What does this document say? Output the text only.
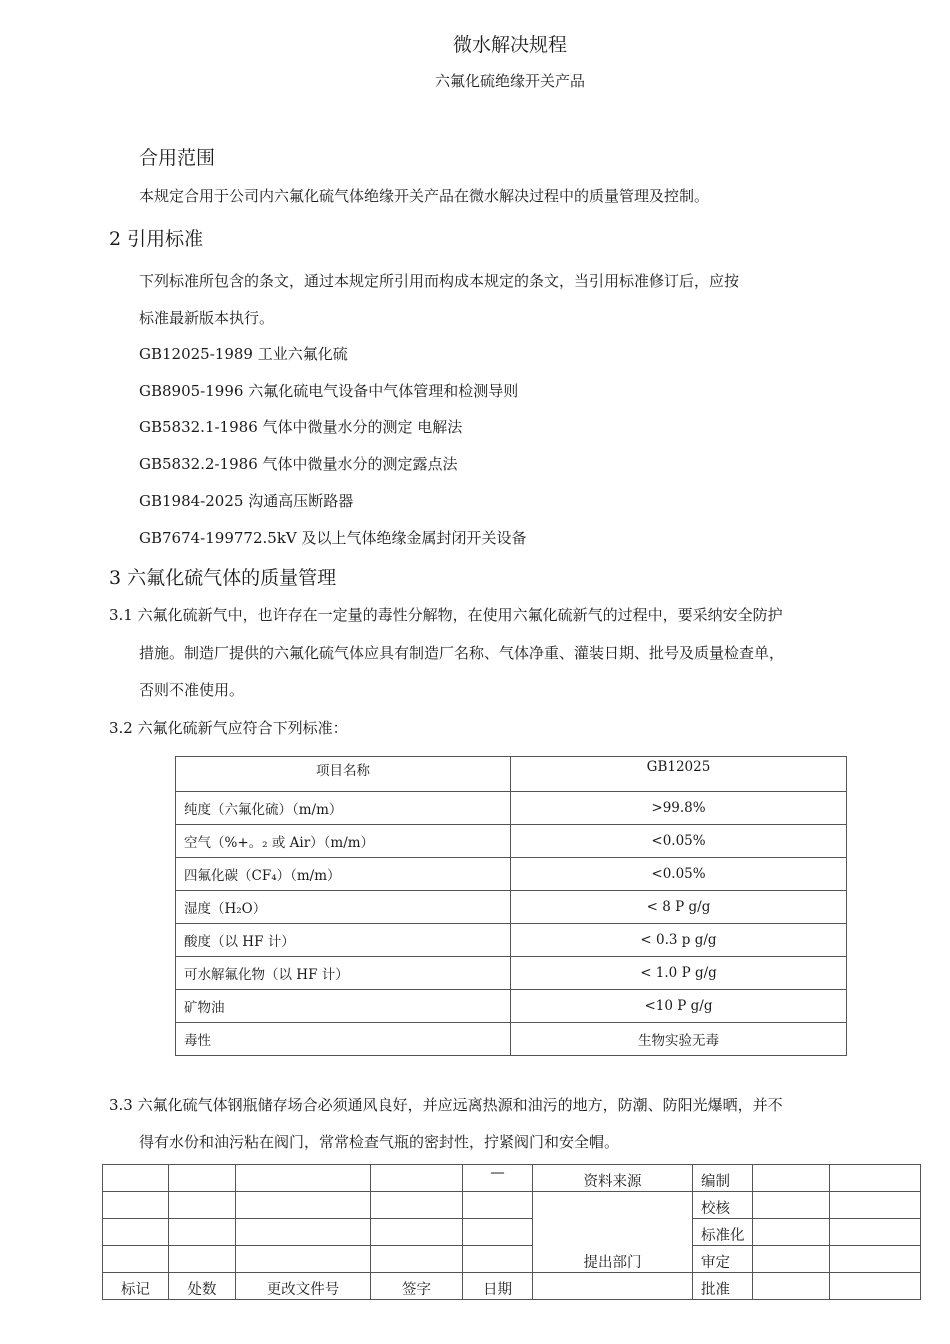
微水解决规程
六氟化硫绝缘开关产品
合用范围
本规定合用于公司内六氟化硫气体绝缘开关产品在微水解决过程中的质量管理及控制。
2 引用标准
下列标准所包含的条文，通过本规定所引用而构成本规定的条文，当引用标准修订后，应按
标准最新版本执行。
GB12025-1989 工业六氟化硫
GB8905-1996 六氟化硫电气设备中气体管理和检测导则
GB5832.1-1986 气体中微量水分的测定 电解法
GB5832.2-1986 气体中微量水分的测定露点法
GB1984-2025 沟通高压断路器
GB7674-199772.5kV 及以上气体绝缘金属封闭开关设备
3 六氟化硫气体的质量管理
3.1 六氟化硫新气中，也许存在一定量的毒性分解物，在使用六氟化硫新气的过程中，要采纳安全防护
措施。制造厂提供的六氟化硫气体应具有制造厂名称、气体净重、灌装日期、批号及质量检查单，
否则不准使用。
3.2 六氟化硫新气应符合下列标准：
项目名称	GB12025
纯度（六氟化硫）（m/m）	>99.8%
空气（%+。₂ 或 Air）（m/m）	<0.05%
四氟化碳（CF₄）（m/m）	<0.05%
湿度（H₂O）	< 8 P g/g
酸度（以 HF 计）	< 0.3 p g/g
可水解氟化物（以 HF 计）	< 1.0 P g/g
矿物油	<10 P g/g
毒性	生物实验无毒
3.3 六氟化硫气体钢瓶储存场合必须通风良好，并应远离热源和油污的地方，防潮、防阳光爆晒，并不
得有水份和油污粘在阀门，常常检查气瓶的密封性，拧紧阀门和安全帽。
				—	资料来源	编制		
					提出部门	校核		
						标准化		
						审定		
标记	处数	更改文件号	签字	日期		批准		
